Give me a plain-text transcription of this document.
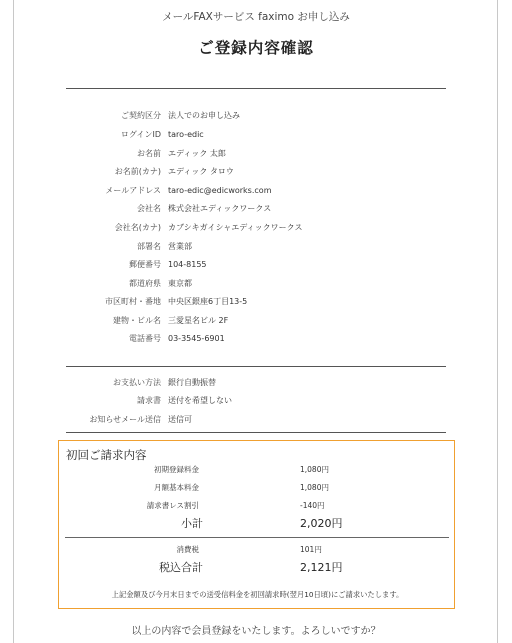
メールFAXサービス faximo お申し込み
ご登録内容確認
ご契約区分 法人でのお申し込み
ログインID taro-edic
お名前 エディック 太郎
お名前(カナ) エディック タロウ
メールアドレス taro-edic@edicworks.com
会社名 株式会社エディックワークス
会社名(カナ) カブシキガイシャエディックワークス
部署名 営業部
郵便番号 104-8155
都道府県 東京都
市区町村・番地 中央区銀座6丁目13-5
建物・ビル名 三愛星名ビル 2F
電話番号 03-3545-6901
お支払い方法 銀行自動振替
請求書 送付を希望しない
お知らせメール送信 送信可
初回ご請求内容
初期登録料金	1,080円
月額基本料金	1,080円
請求書レス割引	-140円
小計	2,020円
消費税	101円
税込合計	2,121円
上記金額及び今月末日までの送受信料金を初回請求時(翌月10日頃)にご請求いたします。
以上の内容で会員登録をいたします。よろしいですか？
